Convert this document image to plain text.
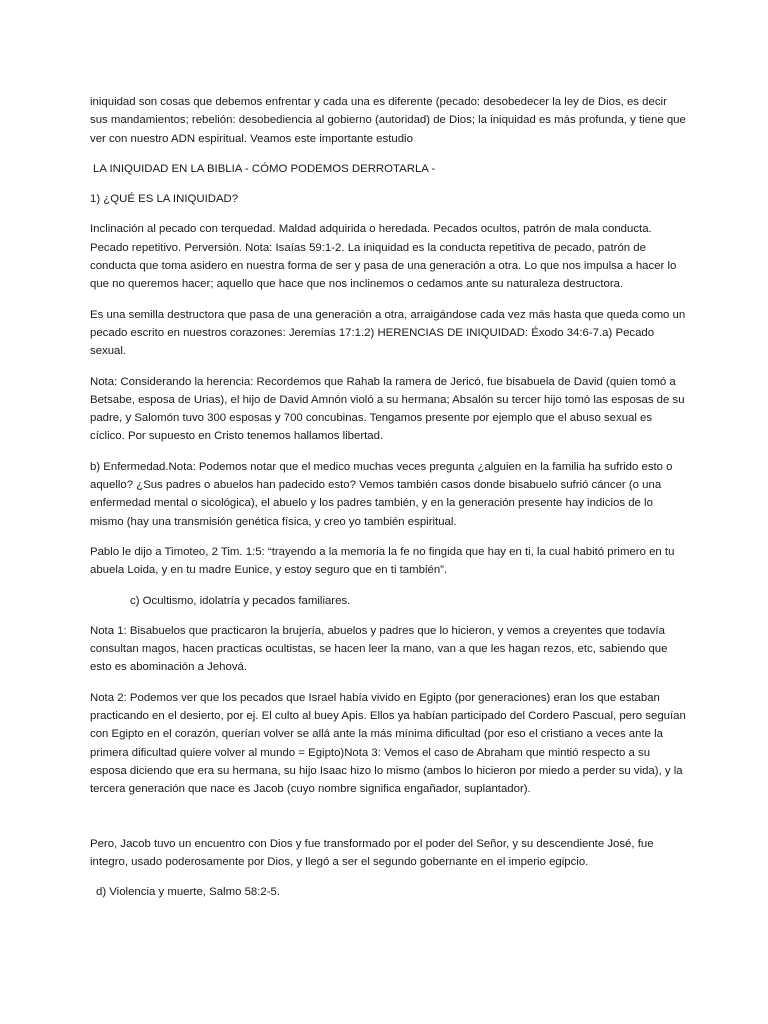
iniquidad son cosas que debemos enfrentar y cada una es diferente (pecado: desobedecer la ley de Dios, es decir sus mandamientos; rebelión: desobediencia al gobierno (autoridad) de Dios; la iniquidad es más profunda, y tiene que ver con nuestro ADN espiritual. Veamos este importante estudio

LA INIQUIDAD EN LA BIBLIA - CÓMO PODEMOS DERROTARLA -

1) ¿QUÉ ES LA INIQUIDAD?

Inclinación al pecado con terquedad. Maldad adquirida o heredada. Pecados ocultos, patrón de mala conducta. Pecado repetitivo. Perversión. Nota: Isaías 59:1-2. La iniquidad es la conducta repetitiva de pecado, patrón de conducta que toma asidero en nuestra forma de ser y pasa de una generación a otra. Lo que nos impulsa a hacer lo que no queremos hacer; aquello que hace que nos inclinemos o cedamos ante su naturaleza destructora.

Es una semilla destructora que pasa de una generación a otra, arraigándose cada vez más hasta que queda como un pecado escrito en nuestros corazones: Jeremías 17:1.2) HERENCIAS DE INIQUIDAD: Éxodo 34:6-7.a) Pecado sexual.

Nota: Considerando la herencia: Recordemos que Rahab la ramera de Jericó, fue bisabuela de David (quien tomó a Betsabe, esposa de Urias), el hijo de David Amnón violó a su hermana; Absalón su tercer hijo tomó las esposas de su padre, y Salomón tuvo 300 esposas y 700 concubinas. Tengamos presente por ejemplo que el abuso sexual es cíclico. Por supuesto en Cristo tenemos hallamos libertad.

b) Enfermedad.Nota: Podemos notar que el medico muchas veces pregunta ¿alguien en la familia ha sufrido esto o aquello? ¿Sus padres o abuelos han padecido esto? Vemos también casos donde bisabuelo sufrió cáncer (o una enfermedad mental o sicológica), el abuelo y los padres también, y en la generación presente hay indicios de lo mismo (hay una transmisión genética física, y creo yo también espiritual.

Pablo le dijo a Timoteo, 2 Tim. 1:5: “trayendo a la memoria la fe no fingida que hay en ti, la cual habitó primero en tu abuela Loida, y en tu madre Eunice, y estoy seguro que en ti también”.

c) Ocultismo, idolatría y pecados familiares.

Nota 1: Bisabuelos que practicaron la brujería, abuelos y padres que lo hicieron, y vemos a creyentes que todavía consultan magos, hacen practicas ocultistas, se hacen leer la mano, van a que les hagan rezos, etc, sabiendo que esto es abominación a Jehová.

Nota 2: Podemos ver que los pecados que Israel había vivido en Egipto (por generaciones) eran los que estaban practicando en el desierto, por ej. El culto al buey Apis. Ellos ya habían participado del Cordero Pascual, pero seguían con Egipto en el corazón, querían volver se allá ante la más mínima dificultad (por eso el cristiano a veces ante la primera dificultad quiere volver al mundo = Egipto)Nota 3: Vemos el caso de Abraham que mintió respecto a su esposa diciendo que era su hermana, su hijo Isaac hizo lo mismo (ambos lo hicieron por miedo a perder su vida), y la tercera generación que nace es Jacob (cuyo nombre significa engañador, suplantador).

Pero, Jacob tuvo un encuentro con Dios y fue transformado por el poder del Señor, y su descendiente José, fue integro, usado poderosamente por Dios, y llegó a ser el segundo gobernante en el imperio egipcio.

d) Violencia y muerte, Salmo 58:2-5.
